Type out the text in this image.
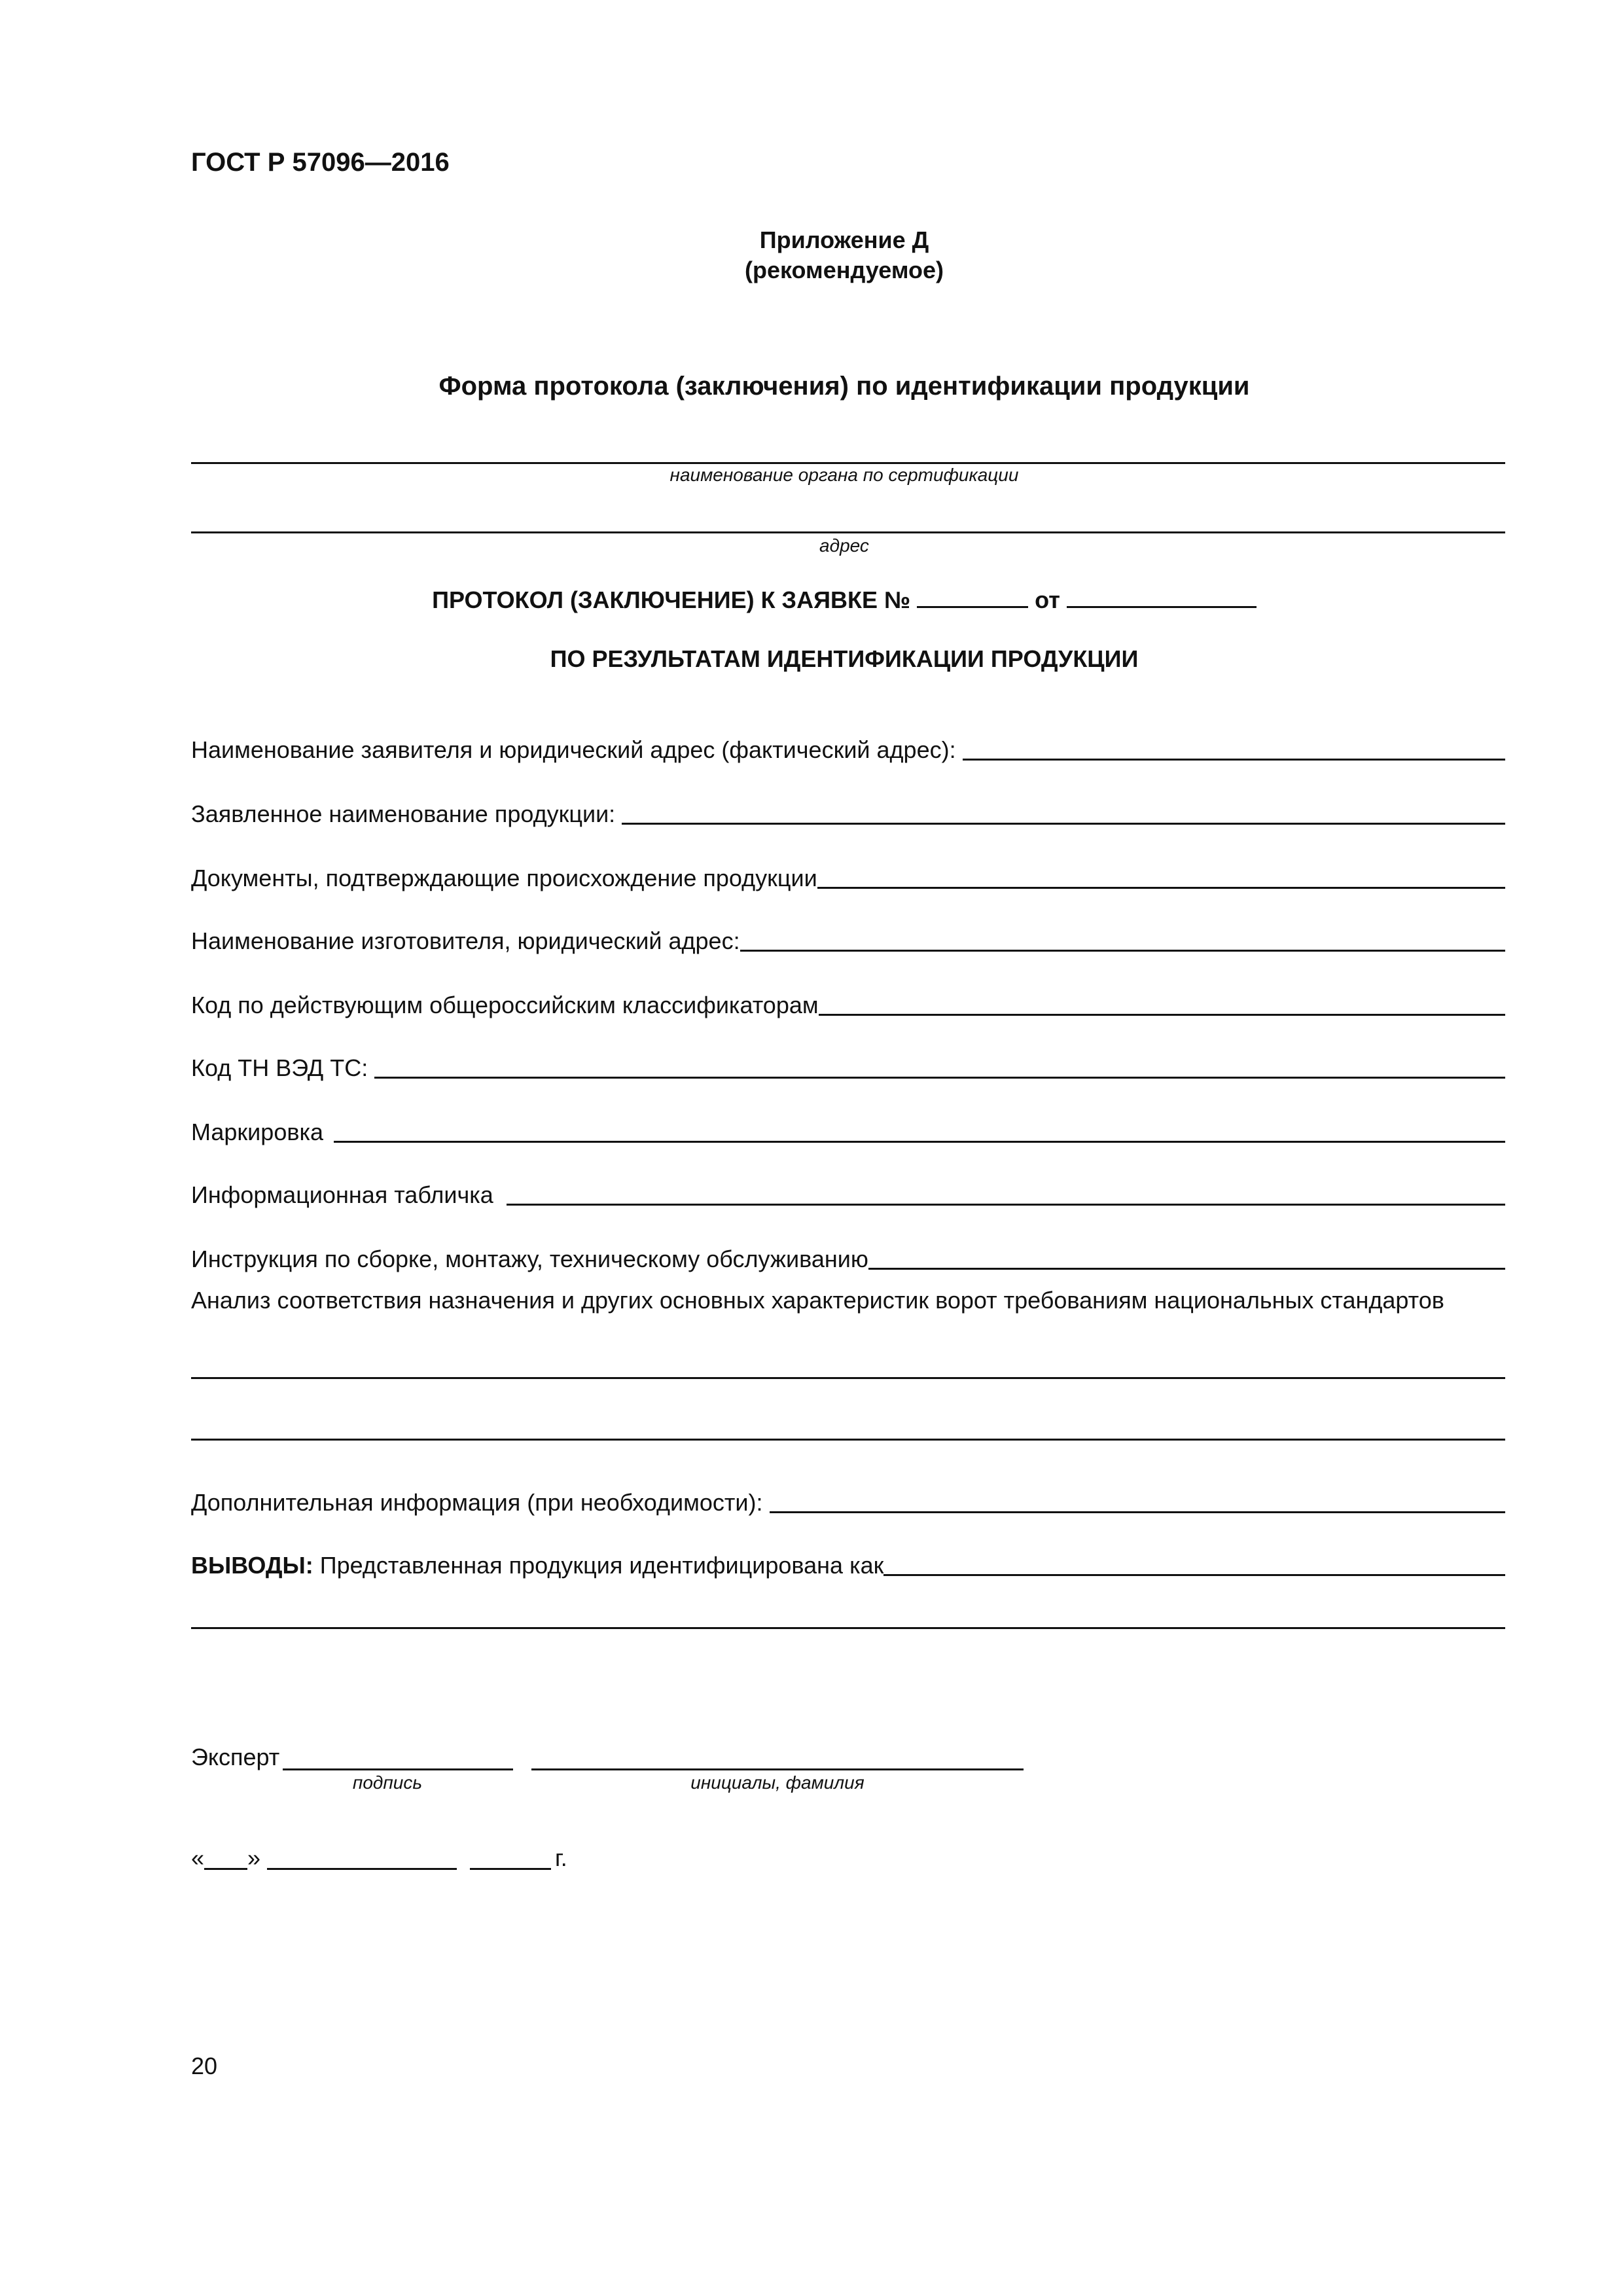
ГОСТ Р 57096—2016
Приложение Д
(рекомендуемое)
Форма протокола (заключения) по идентификации продукции
наименование органа по сертификации
адрес
ПРОТОКОЛ (ЗАКЛЮЧЕНИЕ) К ЗАЯВКЕ №	от
ПО РЕЗУЛЬТАТАМ ИДЕНТИФИКАЦИИ ПРОДУКЦИИ
Наименование заявителя и юридический адрес (фактический адрес):
Заявленное наименование продукции:
Документы, подтверждающие происхождение продукции
Наименование изготовителя, юридический адрес:
Код по действующим общероссийским классификаторам
Код ТН ВЭД ТС:
Маркировка
Информационная табличка
Инструкция по сборке, монтажу, техническому обслуживанию
Анализ соответствия назначения и других основных характеристик ворот требованиям национальных стандартов
Дополнительная информация (при необходимости):
ВЫВОДЫ: Представленная продукция идентифицирована как
Эксперт
подпись	инициалы, фамилия
« »	г.
20
